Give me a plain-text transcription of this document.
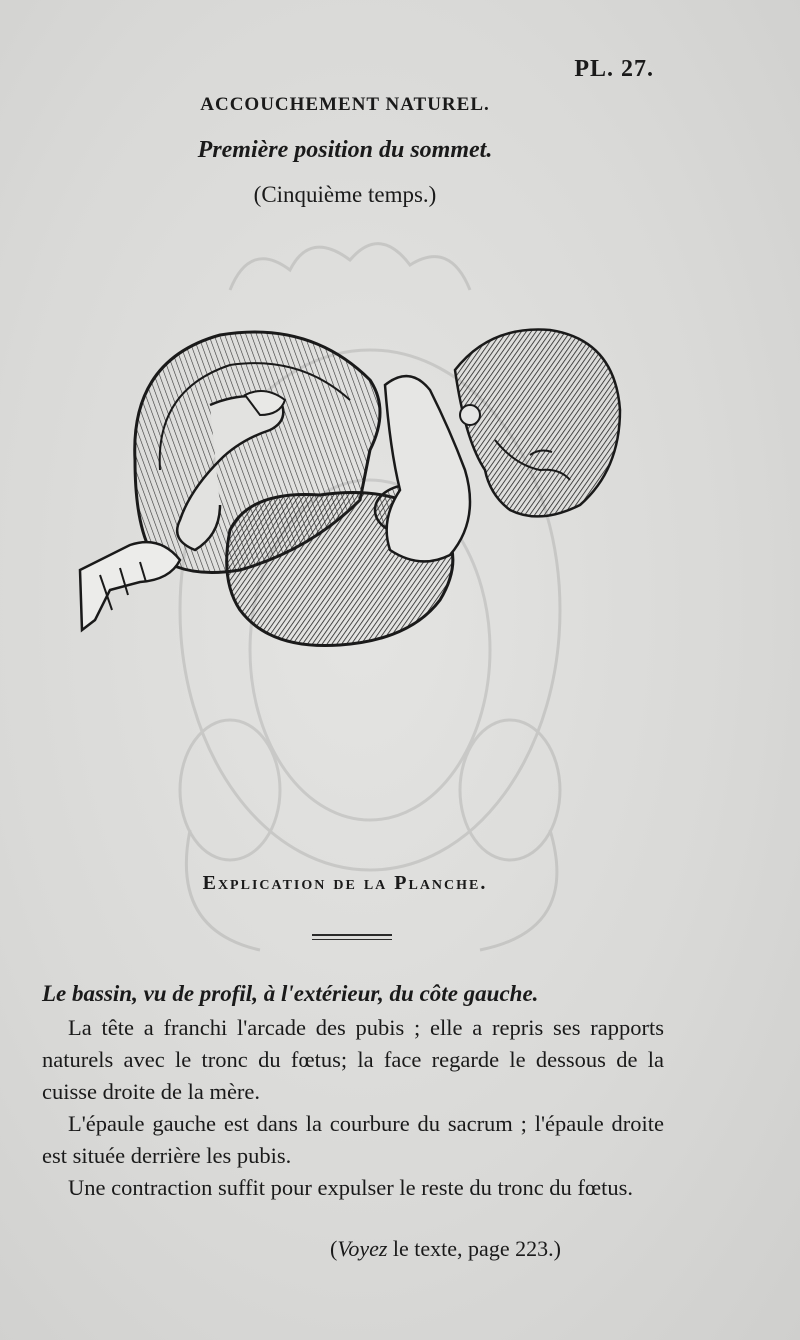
PL. 27.
ACCOUCHEMENT NATUREL.
Première position du sommet.
(Cinquième temps.)
Explication de la Planche.

Le bassin, vu de profil, à l'extérieur, du côte gauche.

La tête a franchi l'arcade des pubis ; elle a repris ses rapports naturels avec le tronc du fœtus; la face regarde le dessous de la cuisse droite de la mère.

L'épaule gauche est dans la courbure du sacrum ; l'épaule droite est située derrière les pubis.

Une contraction suffit pour expulser le reste du tronc du fœtus.

(Voyez le texte, page 223.)
